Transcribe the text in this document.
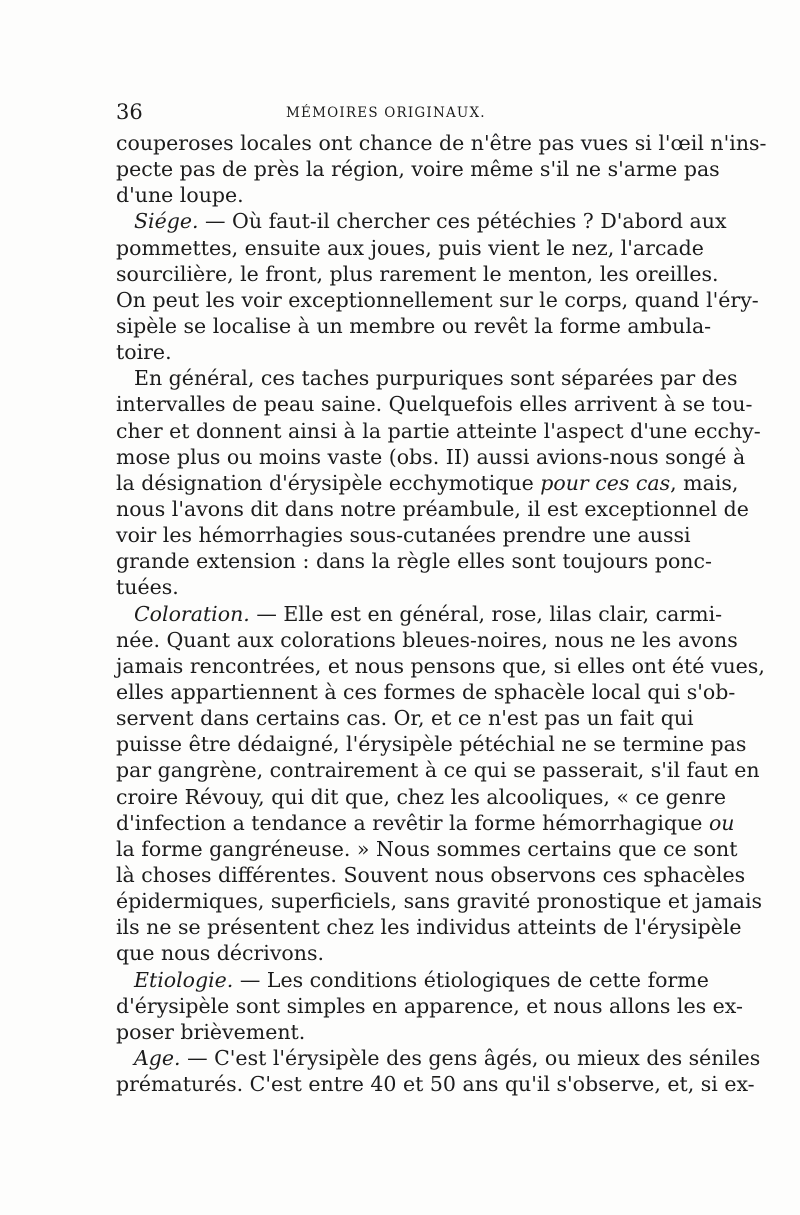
36	MÉMOIRES ORIGINAUX.
couperoses locales ont chance de n'être pas vues si l'œil n'ins-
pecte pas de près la région, voire même s'il ne s'arme pas
d'une loupe.
Siége. — Où faut-il chercher ces pétéchies ? D'abord aux
pommettes, ensuite aux joues, puis vient le nez, l'arcade
sourcilière, le front, plus rarement le menton, les oreilles.
On peut les voir exceptionnellement sur le corps, quand l'éry-
sipèle se localise à un membre ou revêt la forme ambula-
toire.
En général, ces taches purpuriques sont séparées par des
intervalles de peau saine. Quelquefois elles arrivent à se tou-
cher et donnent ainsi à la partie atteinte l'aspect d'une ecchy-
mose plus ou moins vaste (obs. II) aussi avions-nous songé à
la désignation d'érysipèle ecchymotique pour ces cas, mais,
nous l'avons dit dans notre préambule, il est exceptionnel de
voir les hémorrhagies sous-cutanées prendre une aussi
grande extension : dans la règle elles sont toujours ponc-
tuées.
Coloration. — Elle est en général, rose, lilas clair, carmi-
née. Quant aux colorations bleues-noires, nous ne les avons
jamais rencontrées, et nous pensons que, si elles ont été vues,
elles appartiennent à ces formes de sphacèle local qui s'ob-
servent dans certains cas. Or, et ce n'est pas un fait qui
puisse être dédaigné, l'érysipèle pétéchial ne se termine pas
par gangrène, contrairement à ce qui se passerait, s'il faut en
croire Révouy, qui dit que, chez les alcooliques, « ce genre
d'infection a tendance a revêtir la forme hémorrhagique ou
la forme gangréneuse. » Nous sommes certains que ce sont
là choses différentes. Souvent nous observons ces sphacèles
épidermiques, superficiels, sans gravité pronostique et jamais
ils ne se présentent chez les individus atteints de l'érysipèle
que nous décrivons.
Etiologie. — Les conditions étiologiques de cette forme
d'érysipèle sont simples en apparence, et nous allons les ex-
poser brièvement.
Age. — C'est l'érysipèle des gens âgés, ou mieux des séniles
prématurés. C'est entre 40 et 50 ans qu'il s'observe, et, si ex-
